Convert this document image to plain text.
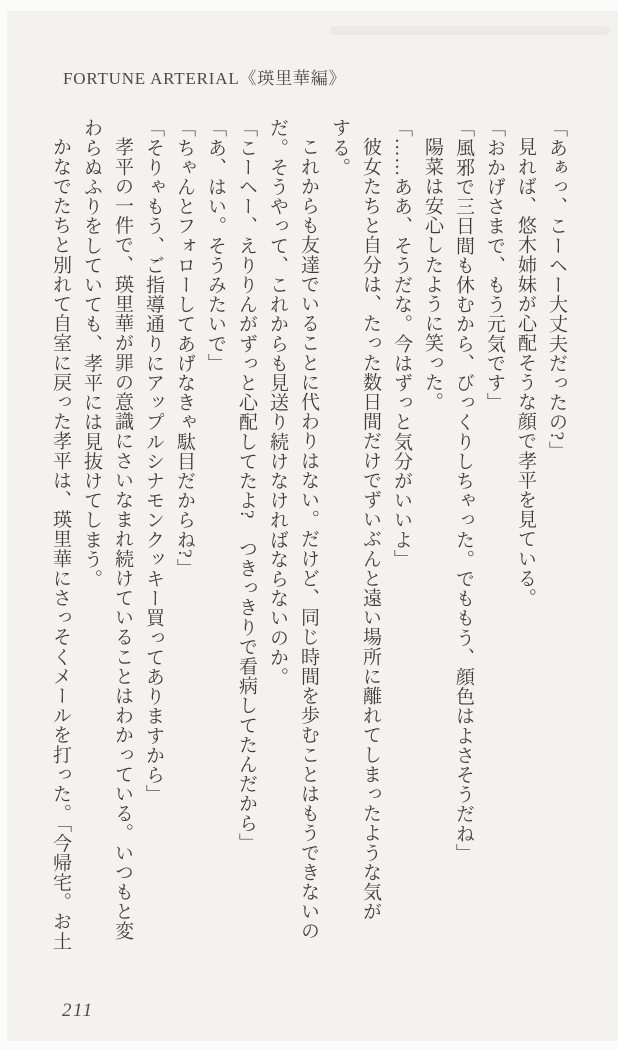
FORTUNE ARTERIAL《瑛里華編》
「あぁっ、こーヘー大丈夫だったの?」
見れば、悠木姉妹が心配そうな顔で孝平を見ている。
「おかげさまで、もう元気です」
「風邪で三日間も休むから、びっくりしちゃった。でももう、顔色はよさそうだね」
陽菜は安心したように笑った。
「……ああ、そうだな。今はずっと気分がいいよ」
彼女たちと自分は、たった数日間だけでずいぶんと遠い場所に離れてしまったような気が
する。
これからも友達でいることに代わりはない。だけど、同じ時間を歩むことはもうできないの
だ。そうやって、これからも見送り続けなければならないのか。
「こーヘー、えりりんがずっと心配してたよ?　つきっきりで看病してたんだから」
「あ、はい。そうみたいで」
「ちゃんとフォローしてあげなきゃ駄目だからね?」
「そりゃもう、ご指導通りにアップルシナモンクッキー買ってありますから」
孝平の一件で、瑛里華が罪の意識にさいなまれ続けていることはわかっている。いつもと変
わらぬふりをしていても、孝平には見抜けてしまう。
かなでたちと別れて自室に戻った孝平は、瑛里華にさっそくメールを打った。「今帰宅。お土
211
